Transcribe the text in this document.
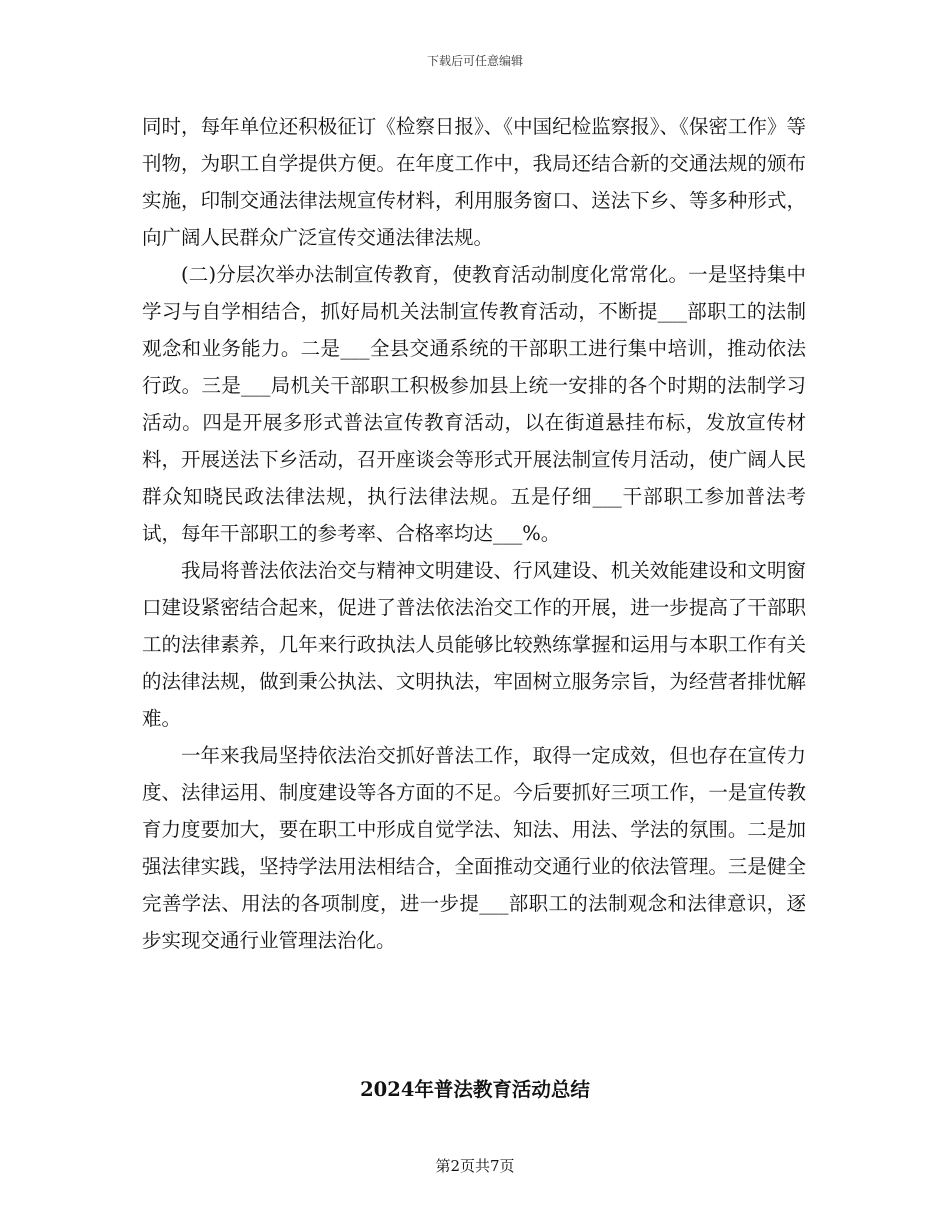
下载后可任意编辑

同时，每年单位还积极征订《检察日报》、《中国纪检监察报》、《保密工作》等刊物，为职工自学提供方便。在年度工作中，我局还结合新的交通法规的颁布实施，印制交通法律法规宣传材料，利用服务窗口、送法下乡、等多种形式，向广阔人民群众广泛宣传交通法律法规。

(二)分层次举办法制宣传教育，使教育活动制度化常常化。一是坚持集中学习与自学相结合，抓好局机关法制宣传教育活动，不断提___部职工的法制观念和业务能力。二是___全县交通系统的干部职工进行集中培训，推动依法行政。三是___局机关干部职工积极参加县上统一安排的各个时期的法制学习活动。四是开展多形式普法宣传教育活动，以在街道悬挂布标，发放宣传材料，开展送法下乡活动，召开座谈会等形式开展法制宣传月活动，使广阔人民群众知晓民政法律法规，执行法律法规。五是仔细___干部职工参加普法考试，每年干部职工的参考率、合格率均达___%。

我局将普法依法治交与精神文明建设、行风建设、机关效能建设和文明窗口建设紧密结合起来，促进了普法依法治交工作的开展，进一步提高了干部职工的法律素养，几年来行政执法人员能够比较熟练掌握和运用与本职工作有关的法律法规，做到秉公执法、文明执法，牢固树立服务宗旨，为经营者排忧解难。

一年来我局坚持依法治交抓好普法工作，取得一定成效，但也存在宣传力度、法律运用、制度建设等各方面的不足。今后要抓好三项工作，一是宣传教育力度要加大，要在职工中形成自觉学法、知法、用法、学法的氛围。二是加强法律实践，坚持学法用法相结合，全面推动交通行业的依法管理。三是健全完善学法、用法的各项制度，进一步提___部职工的法制观念和法律意识，逐步实现交通行业管理法治化。

2024年普法教育活动总结
第2页共7页
